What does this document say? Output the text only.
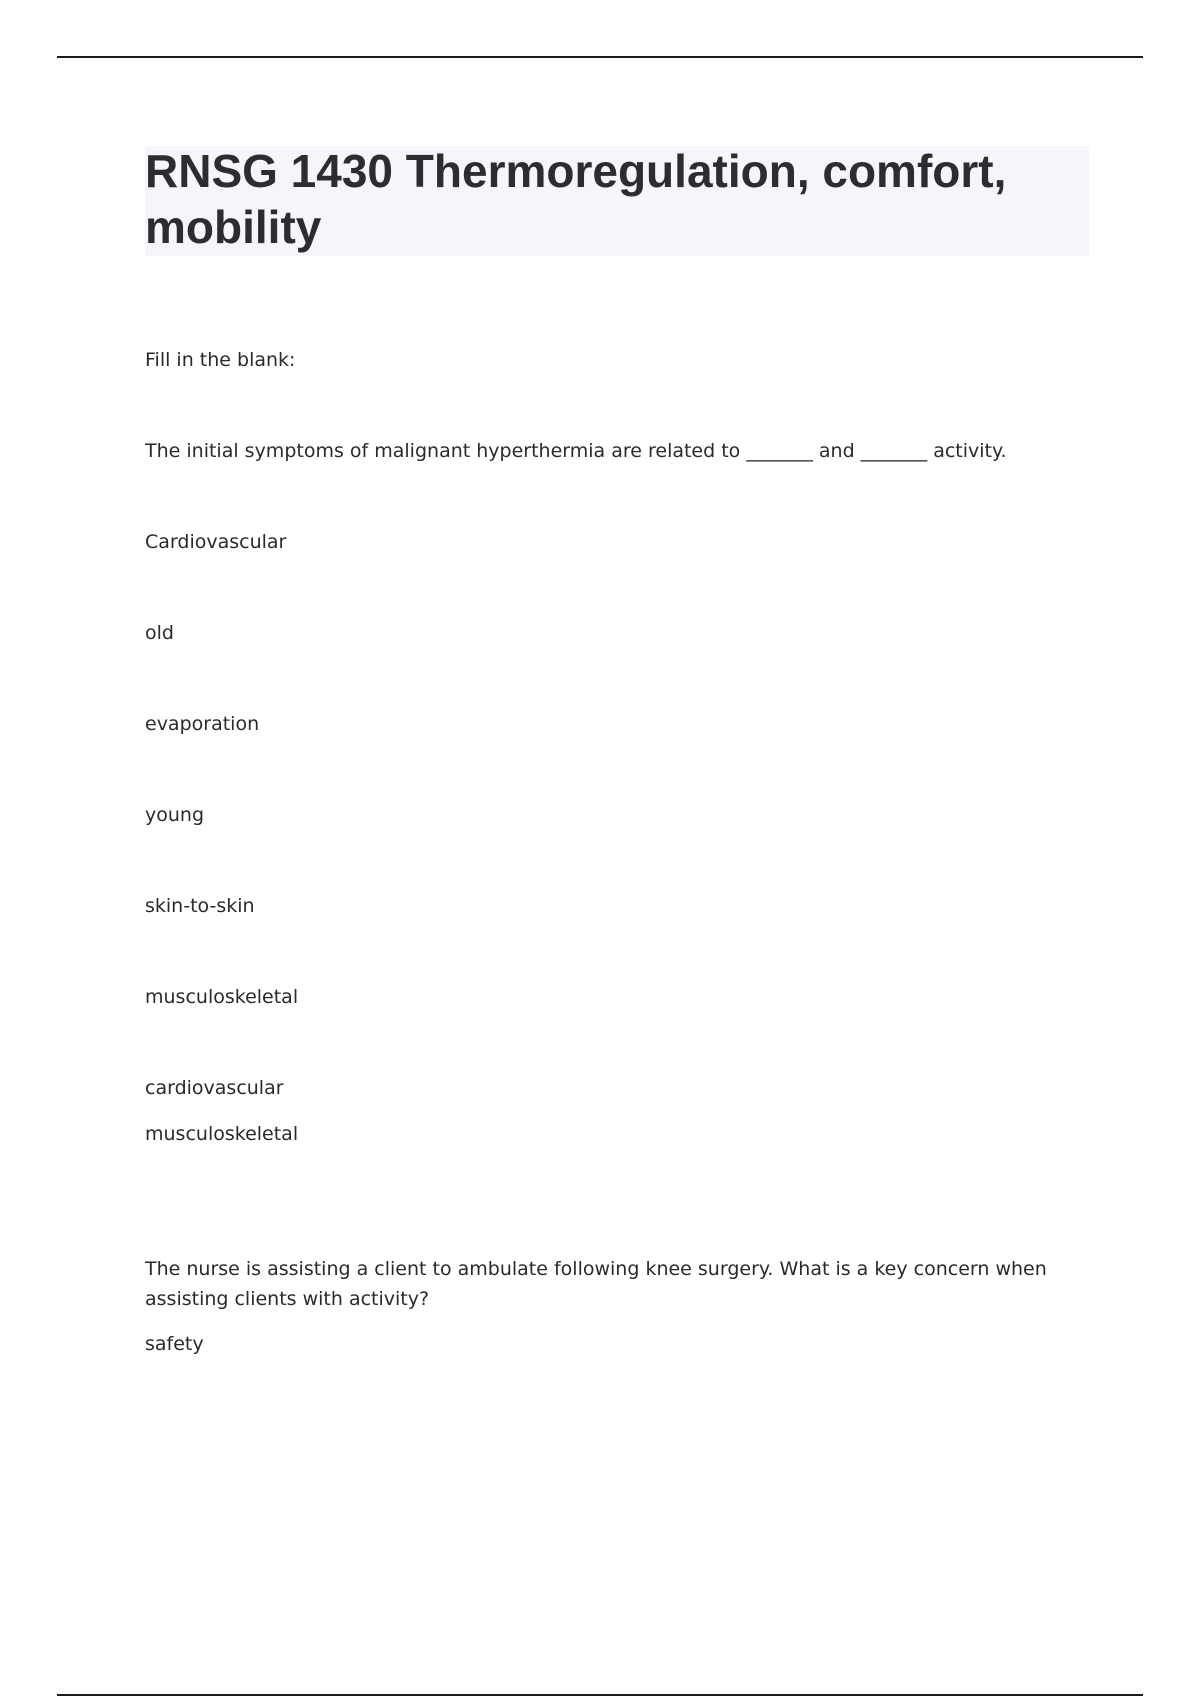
RNSG 1430 Thermoregulation, comfort, mobility

Fill in the blank:

The initial symptoms of malignant hyperthermia are related to _______ and _______ activity.

Cardiovascular

old

evaporation

young

skin-to-skin

musculoskeletal

cardiovascular

musculoskeletal

The nurse is assisting a client to ambulate following knee surgery. What is a key concern when assisting clients with activity?

safety
